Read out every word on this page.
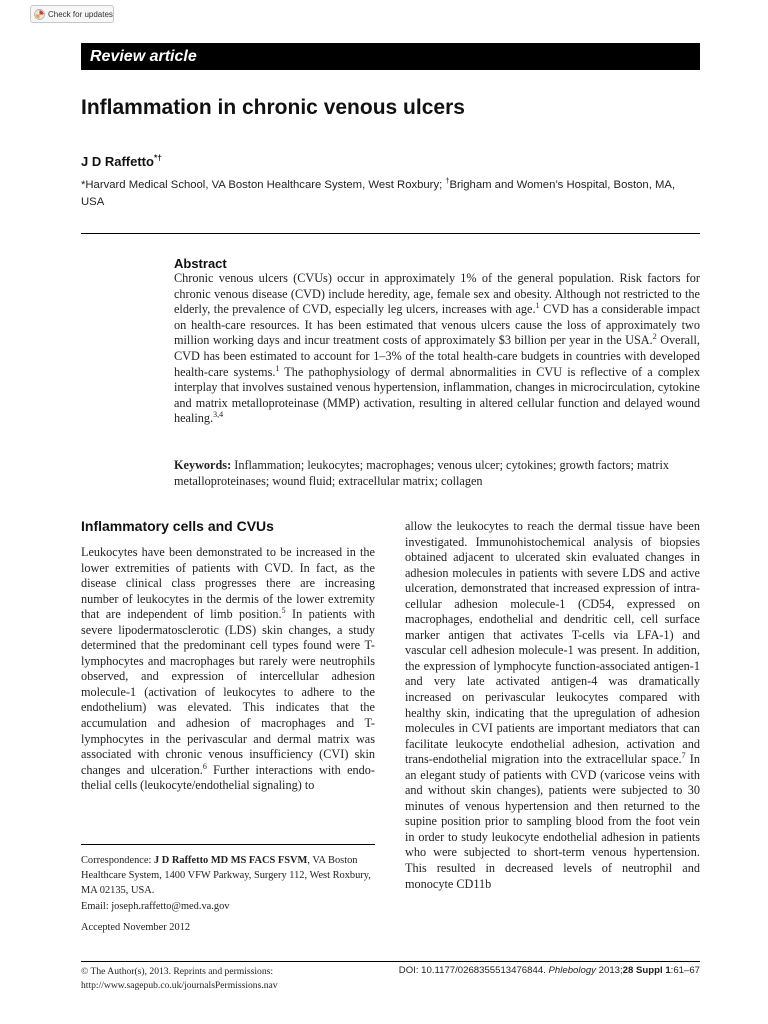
Check for updates
Review article
Inflammation in chronic venous ulcers
J D Raffetto*†
*Harvard Medical School, VA Boston Healthcare System, West Roxbury; †Brigham and Women’s Hospital, Boston, MA, USA
Abstract
Chronic venous ulcers (CVUs) occur in approximately 1% of the general population. Risk factors for chronic venous disease (CVD) include heredity, age, female sex and obesity. Although not restricted to the elderly, the prevalence of CVD, especially leg ulcers, increases with age.$^1$ CVD has a considerable impact on health-care resources. It has been estimated that venous ulcers cause the loss of approximately two million working days and incur treatment costs of approximately $3 billion per year in the USA.$^2$ Overall, CVD has been estimated to account for 1–3% of the total health-care budgets in countries with developed health-care systems.$^1$ The pathophysiology of dermal abnormalities in CVU is reflective of a complex interplay that involves sustained venous hypertension, inflammation, changes in microcirculation, cytokine and matrix metalloproteinase (MMP) activation, resulting in altered cellular function and delayed wound healing.$^{3,4}$
Keywords: Inflammation; leukocytes; macrophages; venous ulcer; cytokines; growth factors; matrix metalloproteinases; wound fluid; extracellular matrix; collagen
Inflammatory cells and CVUs
Leukocytes have been demonstrated to be increased in the lower extremities of patients with CVD. In fact, as the disease clinical class progresses there are increasing number of leukocytes in the dermis of the lower extremity that are independent of limb position.$^5$ In patients with severe lipodermatosclerotic (LDS) skin changes, a study determined that the predominant cell types found were T-lymphocytes and macrophages but rarely were neutrophils observed, and expression of intercellular adhesion molecule-1 (activation of leukocytes to adhere to the endothelium) was elevated. This indicates that the accumulation and adhesion of macrophages and T-lymphocytes in the perivascular and dermal matrix was associated with chronic venous insufficiency (CVI) skin changes and ulceration.$^6$ Further interactions with endothelial cells (leukocyte/endothelial signaling) to
allow the leukocytes to reach the dermal tissue have been investigated. Immunohistochemical analysis of biopsies obtained adjacent to ulcerated skin evaluated changes in adhesion molecules in patients with severe LDS and active ulceration, demonstrated that increased expression of intracellular adhesion molecule-1 (CD54, expressed on macrophages, endothelial and dendritic cell, cell surface marker antigen that activates T-cells via LFA-1) and vascular cell adhesion molecule-1 was present. In addition, the expression of lymphocyte function-associated antigen-1 and very late activated antigen-4 was dramatically increased on perivascular leukocytes compared with healthy skin, indicating that the upregulation of adhesion molecules in CVI patients are important mediators that can facilitate leukocyte endothelial adhesion, activation and trans-endothelial migration into the extracellular space.$^7$ In an elegant study of patients with CVD (varicose veins with and without skin changes), patients were subjected to 30 minutes of venous hypertension and then returned to the supine position prior to sampling blood from the foot vein in order to study leukocyte endothelial adhesion in patients who were subjected to short-term venous hypertension. This resulted in decreased levels of neutrophil and monocyte CD11b
Correspondence: J D Raffetto MD MS FACS FSVM, VA Boston Healthcare System, 1400 VFW Parkway, Surgery 112, West Roxbury, MA 02135, USA.
Email: joseph.raffetto@med.va.gov
Accepted November 2012
© The Author(s), 2013. Reprints and permissions: http://www.sagepub.co.uk/journalsPermissions.nav
DOI: 10.1177/0268355513476844. Phlebology 2013;28 Suppl 1:61–67
